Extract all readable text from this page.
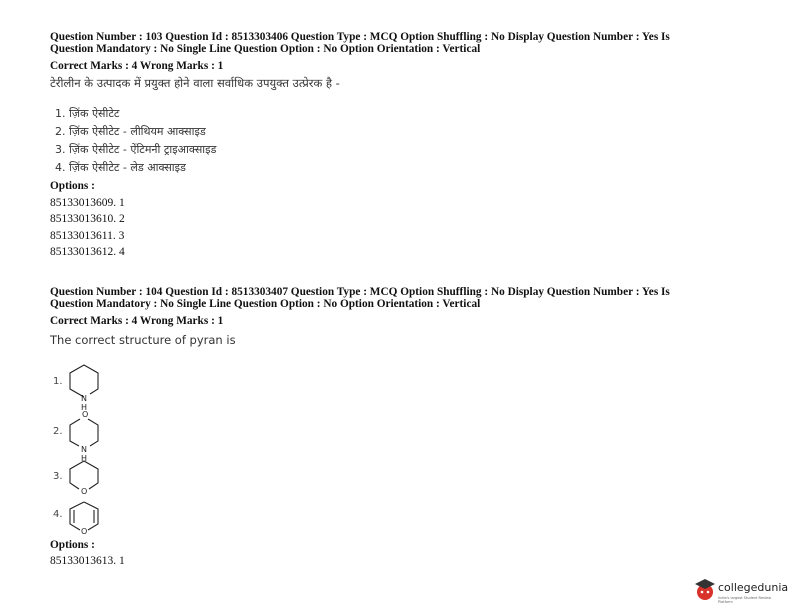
Question Number : 103 Question Id : 8513303406 Question Type : MCQ Option Shuffling : No Display Question Number : Yes Is
Question Mandatory : No Single Line Question Option : No Option Orientation : Vertical
Correct Marks : 4 Wrong Marks : 1
टेरीलीन के उत्पादक में प्रयुक्त होने वाला सर्वाधिक उपयुक्त उत्प्रेरक है -
1. ज़िंक ऐसीटेट
2. ज़िंक ऐसीटेट - लीथियम आक्साइड
3. ज़िंक ऐसीटेट - ऐंटिमनी ट्राइआक्साइड
4. ज़िंक ऐसीटेट - लेड आक्साइड
Options :
85133013609. 1
85133013610. 2
85133013611. 3
85133013612. 4
Question Number : 104 Question Id : 8513303407 Question Type : MCQ Option Shuffling : No Display Question Number : Yes Is
Question Mandatory : No Single Line Question Option : No Option Orientation : Vertical
Correct Marks : 4 Wrong Marks : 1
The correct structure of pyran is
1.
N
H
2.
O
N
H
3.
O
4.
O
Options :
85133013613. 1
collegedunia
India's largest Student Review Platform
